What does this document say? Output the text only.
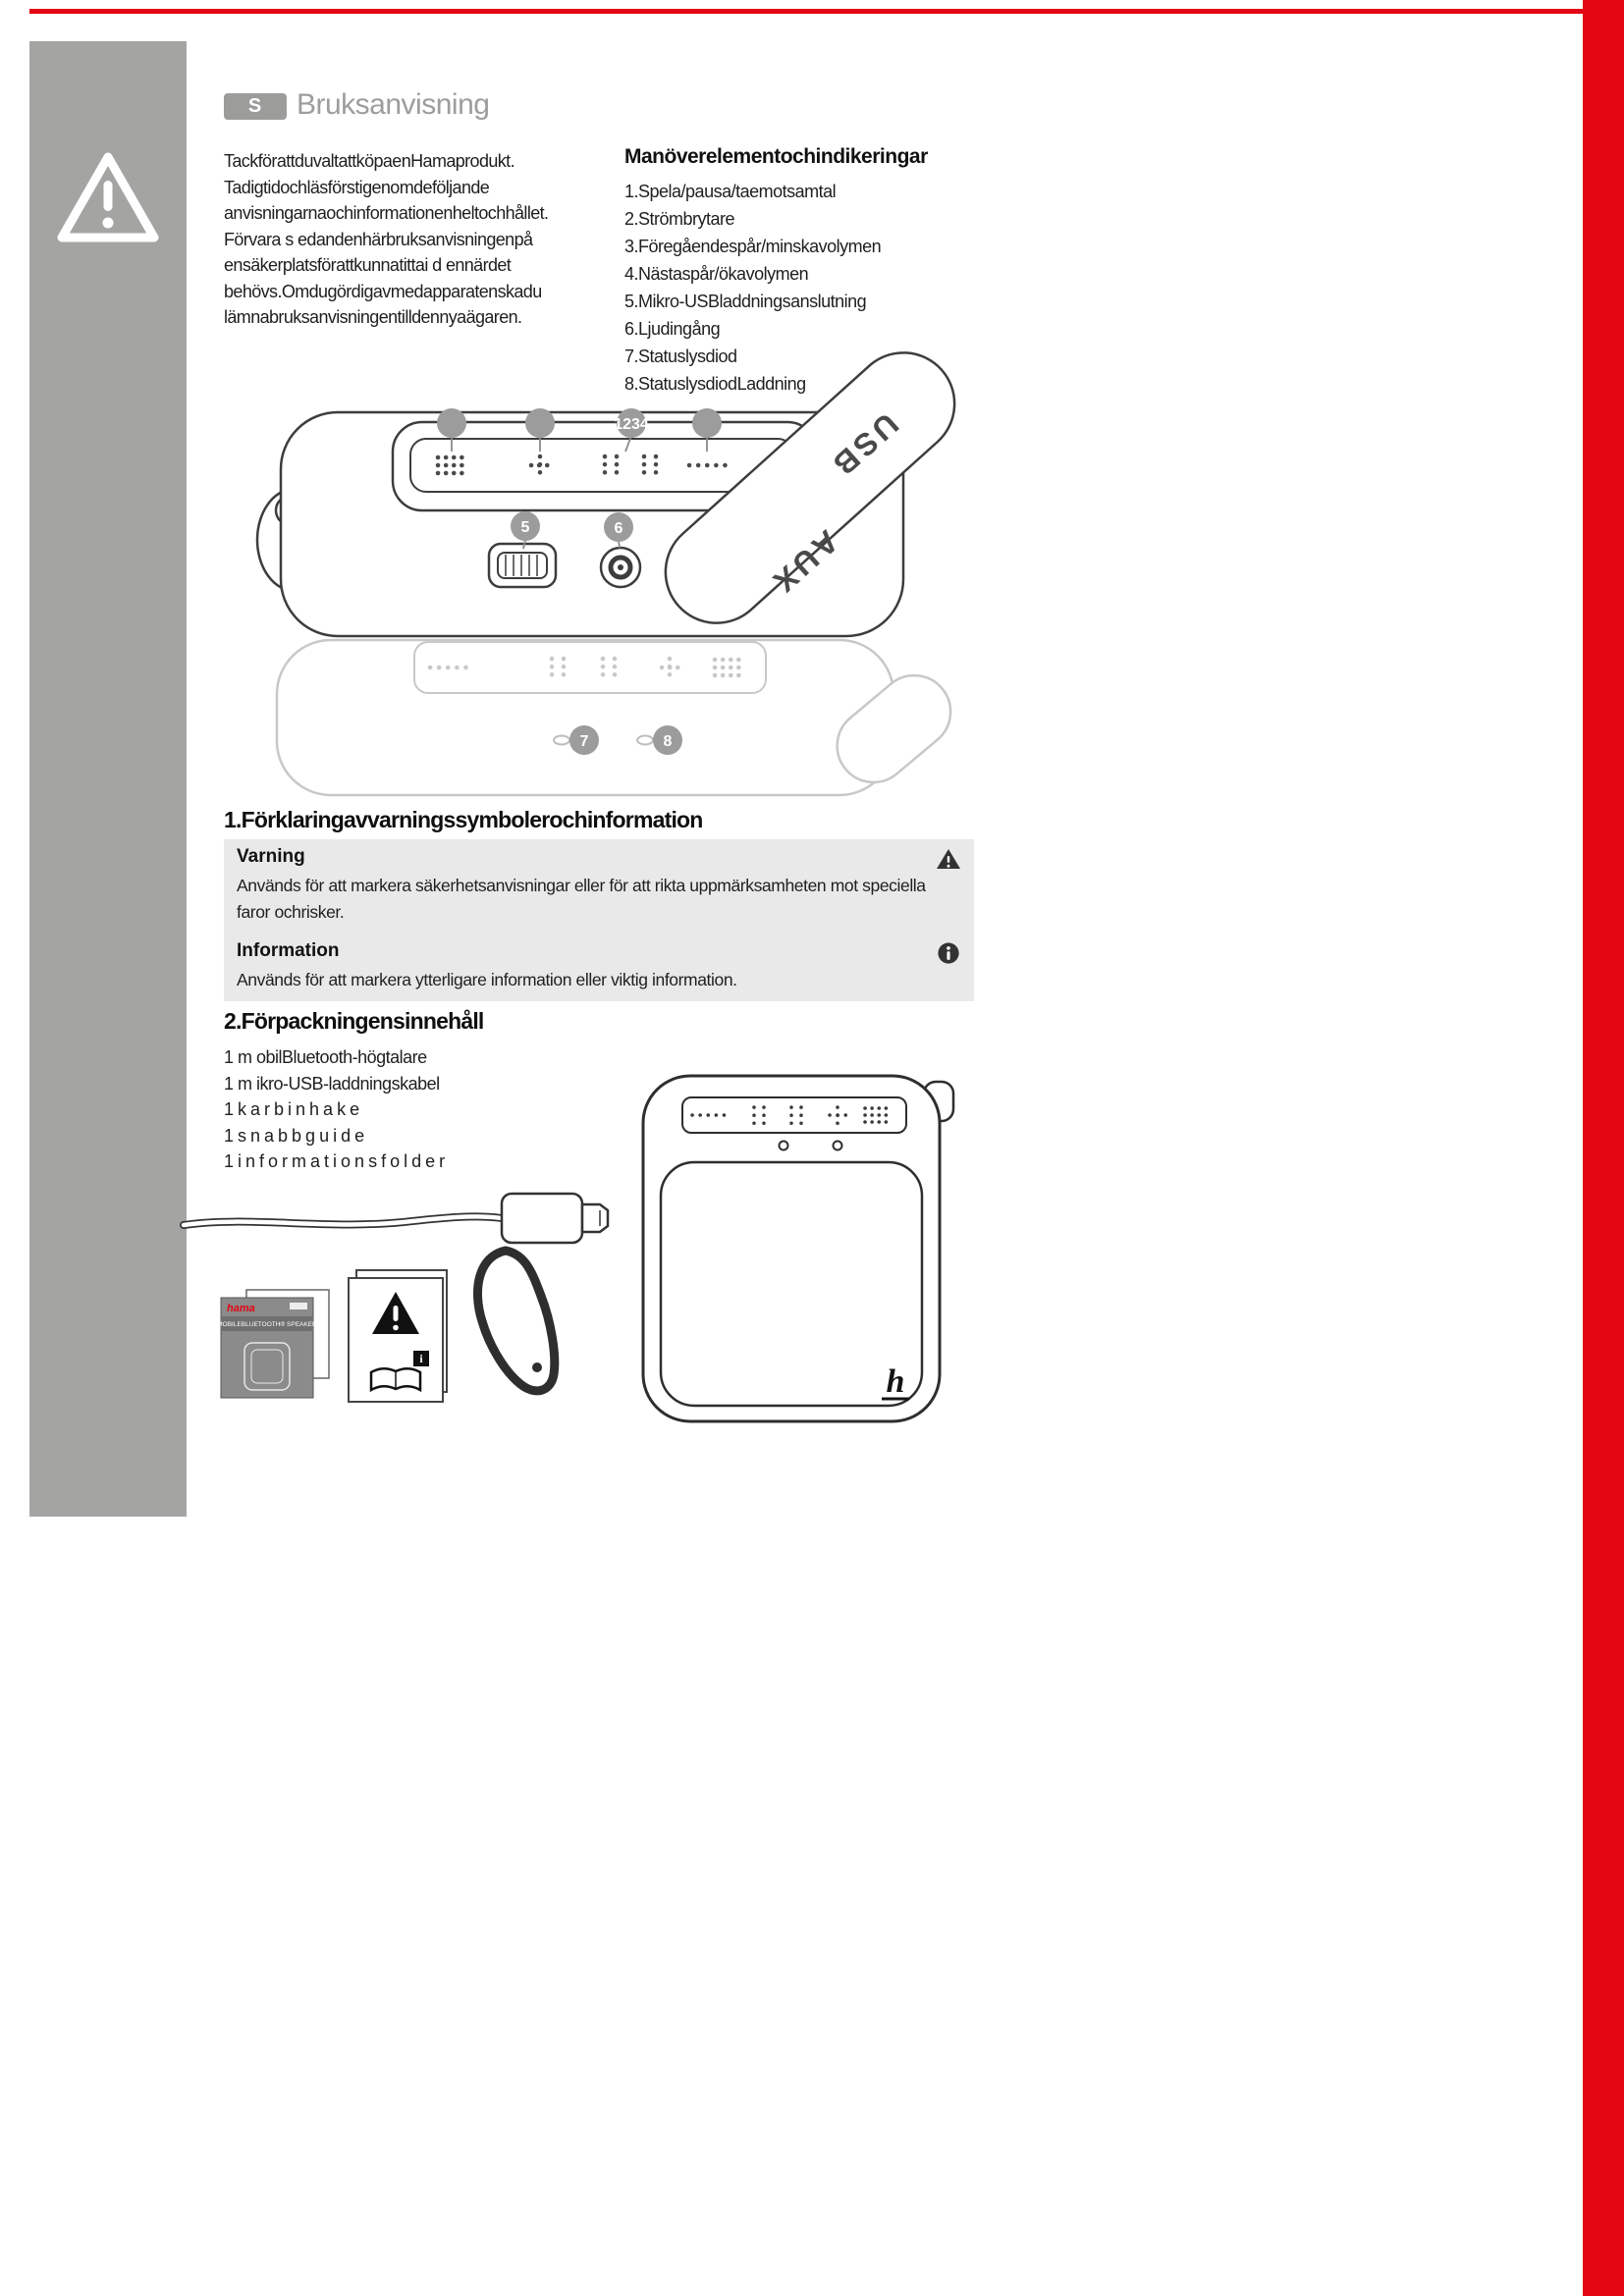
S	Bruksanvisning
TackförattduvaltattköpaenHamaprodukt.
Tadigtidochläsförstigenomdeföljande
anvisningarnaochinformationenheltochhållet.
Förvara s edandenhärbruksanvisningenpå
ensäkerplatsförattkunnatittai d ennärdet
behövs.Omdugördigavmedapparatenskadu
lämnabruksanvisningentilldennyaägaren.
Manöverelementochindikeringar
1.Spela/pausa/taemotsamtal
2.Strömbrytare
3.Föregåendespår/minskavolymen
4.Nästaspår/ökavolymen
5.Mikro-USBladdningsanslutning
6.Ljudingång
7.Statuslysdiod
8.StatuslysdiodLaddning
7	8
USB
AUX
1234
5	6
1.Förklaringavvarningssymbolerochinformation
Varning
Används för att markera säkerhetsanvisningar eller för att rikta uppmärksamheten mot speciella faror ochrisker.
Information
Används för att markera ytterligare information eller viktig information.
2.Förpackningensinnehåll
1 m obilBluetooth-högtalare
1 m ikro-USB-laddningskabel
1 k a r b i n h a k e
1 s n a b b g u i d e
1 i n f o r m a t i o n s f o l d e r
hama
MOBILEBLUETOOTH® SPEAKER
i
h
